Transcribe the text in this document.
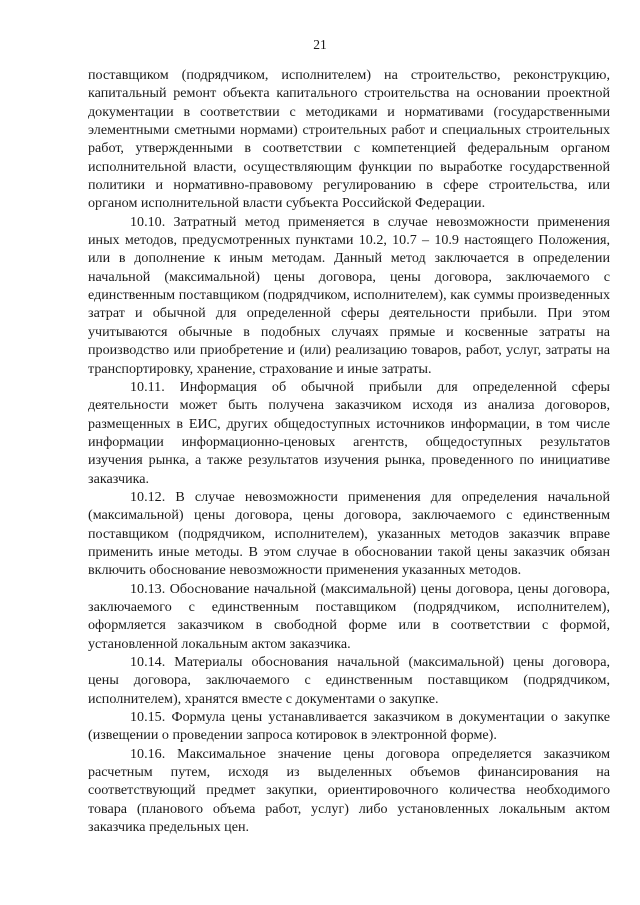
21

поставщиком (подрядчиком, исполнителем) на строительство, реконструкцию, капитальный ремонт объекта капитального строительства на основании проектной документации в соответствии с методиками и нормативами (государственными элементными сметными нормами) строительных работ и специальных строительных работ, утвержденными в соответствии с компетенцией федеральным органом исполнительной власти, осуществляющим функции по выработке государственной политики и нормативно-правовому регулированию в сфере строительства, или органом исполнительной власти субъекта Российской Федерации.

10.10. Затратный метод применяется в случае невозможности применения иных методов, предусмотренных пунктами 10.2, 10.7 – 10.9 настоящего Положения, или в дополнение к иным методам. Данный метод заключается в определении начальной (максимальной) цены договора, цены договора, заключаемого с единственным поставщиком (подрядчиком, исполнителем), как суммы произведенных затрат и обычной для определенной сферы деятельности прибыли. При этом учитываются обычные в подобных случаях прямые и косвенные затраты на производство или приобретение и (или) реализацию товаров, работ, услуг, затраты на транспортировку, хранение, страхование и иные затраты.

10.11. Информация об обычной прибыли для определенной сферы деятельности может быть получена заказчиком исходя из анализа договоров, размещенных в ЕИС, других общедоступных источников информации, в том числе информации информационно-ценовых агентств, общедоступных результатов изучения рынка, а также результатов изучения рынка, проведенного по инициативе заказчика.

10.12. В случае невозможности применения для определения начальной (максимальной) цены договора, цены договора, заключаемого с единственным поставщиком (подрядчиком, исполнителем), указанных методов заказчик вправе применить иные методы. В этом случае в обосновании такой цены заказчик обязан включить обоснование невозможности применения указанных методов.

10.13. Обоснование начальной (максимальной) цены договора, цены договора, заключаемого с единственным поставщиком (подрядчиком, исполнителем), оформляется заказчиком в свободной форме или в соответствии с формой, установленной локальным актом заказчика.

10.14. Материалы обоснования начальной (максимальной) цены договора, цены договора, заключаемого с единственным поставщиком (подрядчиком, исполнителем), хранятся вместе с документами о закупке.

10.15. Формула цены устанавливается заказчиком в документации о закупке (извещении о проведении запроса котировок в электронной форме).

10.16. Максимальное значение цены договора определяется заказчиком расчетным путем, исходя из выделенных объемов финансирования на соответствующий предмет закупки, ориентировочного количества необходимого товара (планового объема работ, услуг) либо установленных локальным актом заказчика предельных цен.
